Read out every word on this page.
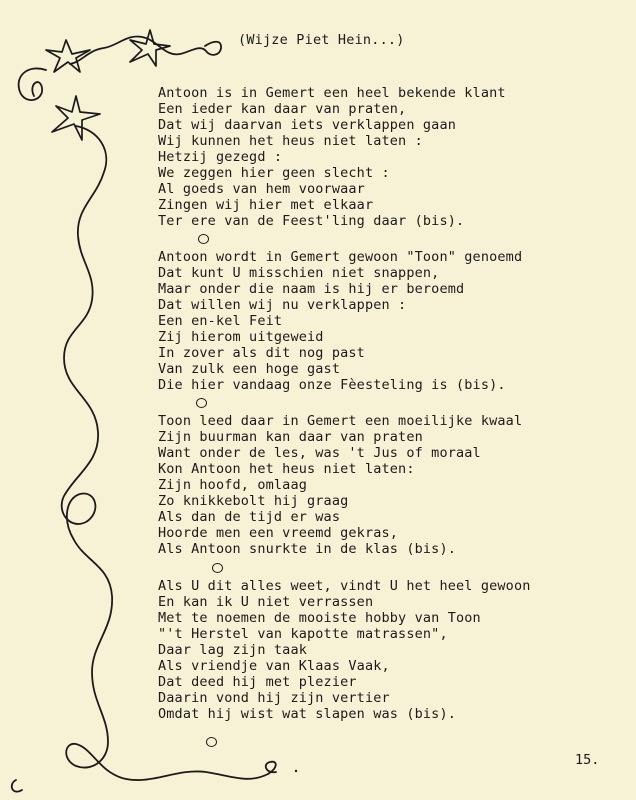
(Wijze Piet Hein...)
Antoon is in Gemert een heel bekende klant
Een ieder kan daar van praten,
Dat wij daarvan iets verklappen gaan
Wij kunnen het heus niet laten :
Hetzij gezegd :
We zeggen hier geen slecht :
Al goeds van hem voorwaar
Zingen wij hier met elkaar
Ter ere van de Feest'ling daar (bis).
Antoon wordt in Gemert gewoon "Toon" genoemd
Dat kunt U misschien niet snappen,
Maar onder die naam is hij er beroemd
Dat willen wij nu verklappen :
Een en-kel Feit
Zij hierom uitgeweid
In zover als dit nog past
Van zulk een hoge gast
Die hier vandaag onze Fèesteling is (bis).
Toon leed daar in Gemert een moeilijke kwaal
Zijn buurman kan daar van praten
Want onder de les, was 't Jus of moraal
Kon Antoon het heus niet laten:
Zijn hoofd, omlaag
Zo knikkebolt hij graag
Als dan de tijd er was
Hoorde men een vreemd gekras,
Als Antoon snurkte in de klas (bis).
Als U dit alles weet, vindt U het heel gewoon
En kan ik U niet verrassen
Met te noemen de mooiste hobby van Toon
"'t Herstel van kapotte matrassen",
Daar lag zijn taak
Als vriendje van Klaas Vaak,
Dat deed hij met plezier
Daarin vond hij zijn vertier
Omdat hij wist wat slapen was (bis).
15.
